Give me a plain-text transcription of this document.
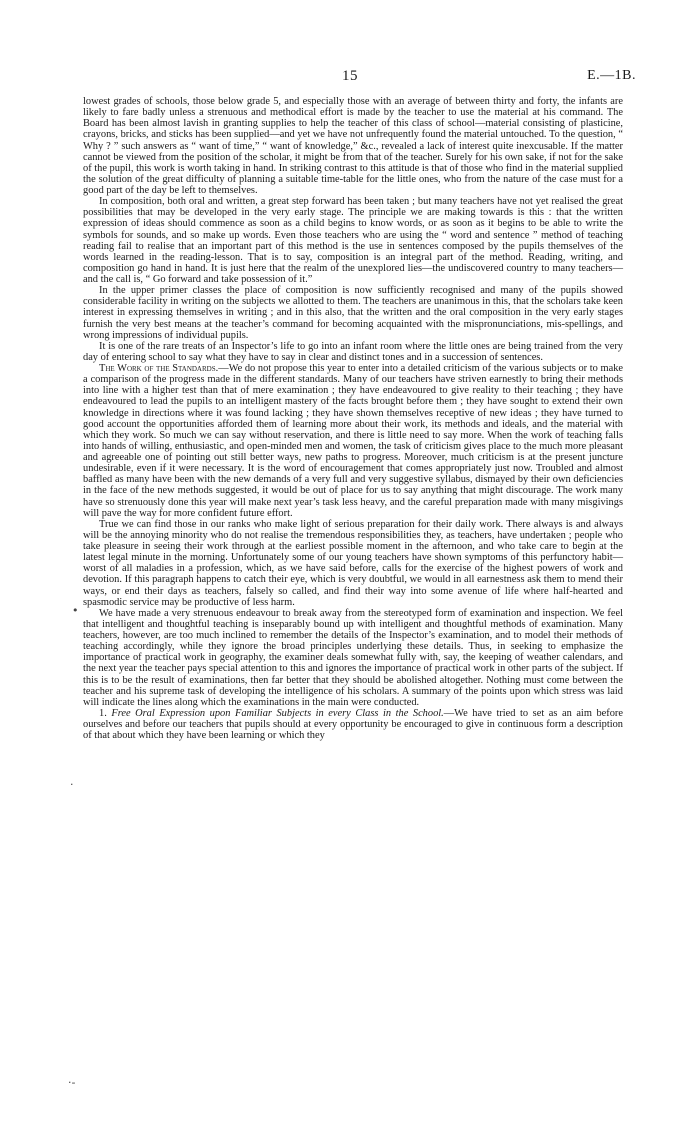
15	E.—1B.

lowest grades of schools, those below grade 5, and especially those with an average of between thirty and forty, the infants are likely to fare badly unless a strenuous and methodical effort is made by the teacher to use the material at his command. The Board has been almost lavish in granting supplies to help the teacher of this class of school—material consisting of plasticine, crayons, bricks, and sticks has been supplied—and yet we have not unfrequently found the material untouched. To the question, “ Why ? ” such answers as “ want of time,” “ want of knowledge,” &c., revealed a lack of interest quite inexcusable. If the matter cannot be viewed from the position of the scholar, it might be from that of the teacher. Surely for his own sake, if not for the sake of the pupil, this work is worth taking in hand. In striking contrast to this attitude is that of those who find in the material supplied the solution of the great difficulty of planning a suitable time-table for the little ones, who from the nature of the case must for a good part of the day be left to themselves.

In composition, both oral and written, a great step forward has been taken ; but many teachers have not yet realised the great possibilities that may be developed in the very early stage. The principle we are making towards is this : that the written expression of ideas should commence as soon as a child begins to know words, or as soon as it begins to be able to write the symbols for sounds, and so make up words. Even those teachers who are using the “ word and sentence ” method of teaching reading fail to realise that an important part of this method is the use in sentences composed by the pupils themselves of the words learned in the reading-lesson. That is to say, composition is an integral part of the method. Reading, writing, and composition go hand in hand. It is just here that the realm of the unexplored lies—the undiscovered country to many teachers—and the call is, “ Go forward and take possession of it.”

In the upper primer classes the place of composition is now sufficiently recognised and many of the pupils showed considerable facility in writing on the subjects we allotted to them. The teachers are unanimous in this, that the scholars take keen interest in expressing themselves in writing ; and in this also, that the written and the oral composition in the very early stages furnish the very best means at the teacher’s command for becoming acquainted with the mispronunciations, mis-spellings, and wrong impressions of individual pupils.

It is one of the rare treats of an Inspector’s life to go into an infant room where the little ones are being trained from the very day of entering school to say what they have to say in clear and distinct tones and in a succession of sentences.

The Work of the Standards.—We do not propose this year to enter into a detailed criticism of the various subjects or to make a comparison of the progress made in the different standards. Many of our teachers have striven earnestly to bring their methods into line with a higher test than that of mere examination ; they have endeavoured to give reality to their teaching ; they have endeavoured to lead the pupils to an intelligent mastery of the facts brought before them ; they have sought to extend their own knowledge in directions where it was found lacking ; they have shown themselves receptive of new ideas ; they have turned to good account the opportunities afforded them of learning more about their work, its methods and ideals, and the material with which they work. So much we can say without reservation, and there is little need to say more. When the work of teaching falls into hands of willing, enthusiastic, and open-minded men and women, the task of criticism gives place to the much more pleasant and agreeable one of pointing out still better ways, new paths to progress. Moreover, much criticism is at the present juncture undesirable, even if it were necessary. It is the word of encouragement that comes appropriately just now. Troubled and almost baffled as many have been with the new demands of a very full and very suggestive syllabus, dismayed by their own deficiencies in the face of the new methods suggested, it would be out of place for us to say anything that might discourage. The work many have so strenuously done this year will make next year’s task less heavy, and the careful preparation made with many misgivings will pave the way for more confident future effort.

True we can find those in our ranks who make light of serious preparation for their daily work. There always is and always will be the annoying minority who do not realise the tremendous responsibilities they, as teachers, have undertaken ; people who take pleasure in seeing their work through at the earliest possible moment in the afternoon, and who take care to begin at the latest legal minute in the morning. Unfortunately some of our young teachers have shown symptoms of this perfunctory habit—worst of all maladies in a profession, which, as we have said before, calls for the exercise of the highest powers of work and devotion. If this paragraph happens to catch their eye, which is very doubtful, we would in all earnestness ask them to mend their ways, or end their days as teachers, falsely so called, and find their way into some avenue of life where half-hearted and spasmodic service may be productive of less harm.

We have made a very strenuous endeavour to break away from the stereotyped form of examination and inspection. We feel that intelligent and thoughtful teaching is inseparably bound up with intelligent and thoughtful methods of examination. Many teachers, however, are too much inclined to remember the details of the Inspector’s examination, and to model their methods of teaching accordingly, while they ignore the broad principles underlying these details. Thus, in seeking to emphasize the importance of practical work in geography, the examiner deals somewhat fully with, say, the keeping of weather calendars, and the next year the teacher pays special attention to this and ignores the importance of practical work in other parts of the subject. If this is to be the result of examinations, then far better that they should be abolished altogether. Nothing must come between the teacher and his supreme task of developing the intelligence of his scholars. A summary of the points upon which stress was laid will indicate the lines along which the examinations in the main were conducted.

1. Free Oral Expression upon Familiar Subjects in every Class in the School.—We have tried to set as an aim before ourselves and before our teachers that pupils should at every opportunity be encouraged to give in continuous form a description of that about which they have been learning or which they

•
·
·-
